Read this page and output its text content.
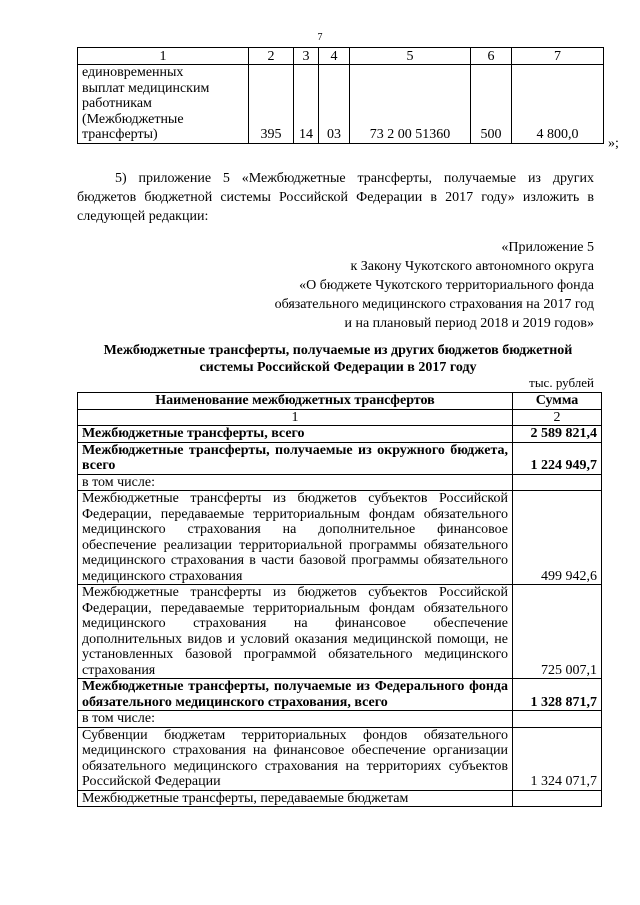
7
1	2	3	4	5	6	7

единовременных
выплат медицинским
работникам
(Межбюджетные
трансферты)	395	14	03	73 2 00 51360	500	4 800,0
»;
5) приложение 5 «Межбюджетные трансферты, получаемые из других бюджетов бюджетной системы Российской Федерации в 2017 году» изложить в следующей редакции:
«Приложение 5
к Закону Чукотского автономного округа
«О бюджете Чукотского территориального фонда
обязательного медицинского страхования на 2017 год
и на плановый период 2018 и 2019 годов»
Межбюджетные трансферты, получаемые из других бюджетов бюджетной
системы Российской Федерации в 2017 году
тыс. рублей
Наименование межбюджетных трансфертов	Сумма
1	2
Межбюджетные трансферты, всего	2 589 821,4
Межбюджетные трансферты, получаемые из окружного бюджета, всего	1 224 949,7
в том числе:	
Межбюджетные трансферты из бюджетов субъектов Российской Федерации, передаваемые территориальным фондам обязательного медицинского страхования на дополнительное финансовое обеспечение реализации территориальной программы обязательного медицинского страхования в части базовой программы обязательного медицинского страхования	499 942,6
Межбюджетные трансферты из бюджетов субъектов Российской Федерации, передаваемые территориальным фондам обязательного медицинского страхования на финансовое обеспечение дополнительных видов и условий оказания медицинской помощи, не установленных базовой программой обязательного медицинского страхования	725 007,1
Межбюджетные трансферты, получаемые из Федерального фонда обязательного медицинского страхования, всего	1 328 871,7
в том числе:	
Субвенции бюджетам территориальных фондов обязательного медицинского страхования на финансовое обеспечение организации обязательного медицинского страхования на территориях субъектов Российской Федерации	1 324 071,7
Межбюджетные трансферты, передаваемые бюджетам	
